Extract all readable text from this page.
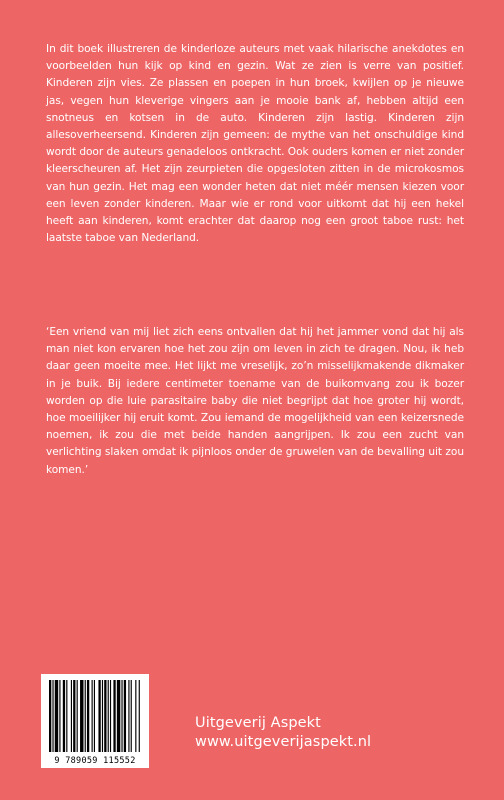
In dit boek illustreren de kinderloze auteurs met vaak hilarische anekdotes en voorbeelden hun kijk op kind en gezin. Wat ze zien is verre van positief. Kinderen zijn vies. Ze plassen en poepen in hun broek, kwijlen op je nieuwe jas, vegen hun kleverige vingers aan je mooie bank af, hebben altijd een snotneus en kotsen in de auto. Kinderen zijn lastig. Kinderen zijn allesoverheersend. Kinderen zijn gemeen: de mythe van het onschuldige kind wordt door de auteurs genadeloos ontkracht. Ook ouders komen er niet zonder kleerscheuren af. Het zijn zeurpieten die opgesloten zitten in de microkosmos van hun gezin. Het mag een wonder heten dat niet méér mensen kiezen voor een leven zonder kinderen. Maar wie er rond voor uitkomt dat hij een hekel heeft aan kinderen, komt erachter dat daarop nog een groot taboe rust: het laatste taboe van Nederland.
‘Een vriend van mij liet zich eens ontvallen dat hij het jammer vond dat hij als man niet kon ervaren hoe het zou zijn om leven in zich te dragen. Nou, ik heb daar geen moeite mee. Het lijkt me vreselijk, zo’n misselijkmakende dikmaker in je buik. Bij iedere centimeter toename van de buikomvang zou ik bozer worden op die luie parasitaire baby die niet begrijpt dat hoe groter hij wordt, hoe moeilijker hij eruit komt. Zou iemand de mogelijkheid van een keizersnede noemen, ik zou die met beide handen aangrijpen. Ik zou een zucht van verlichting slaken omdat ik pijnloos onder de gruwelen van de bevalling uit zou komen.’
9 789059 115552
Uitgeverij Aspekt
www.uitgeverijaspekt.nl
